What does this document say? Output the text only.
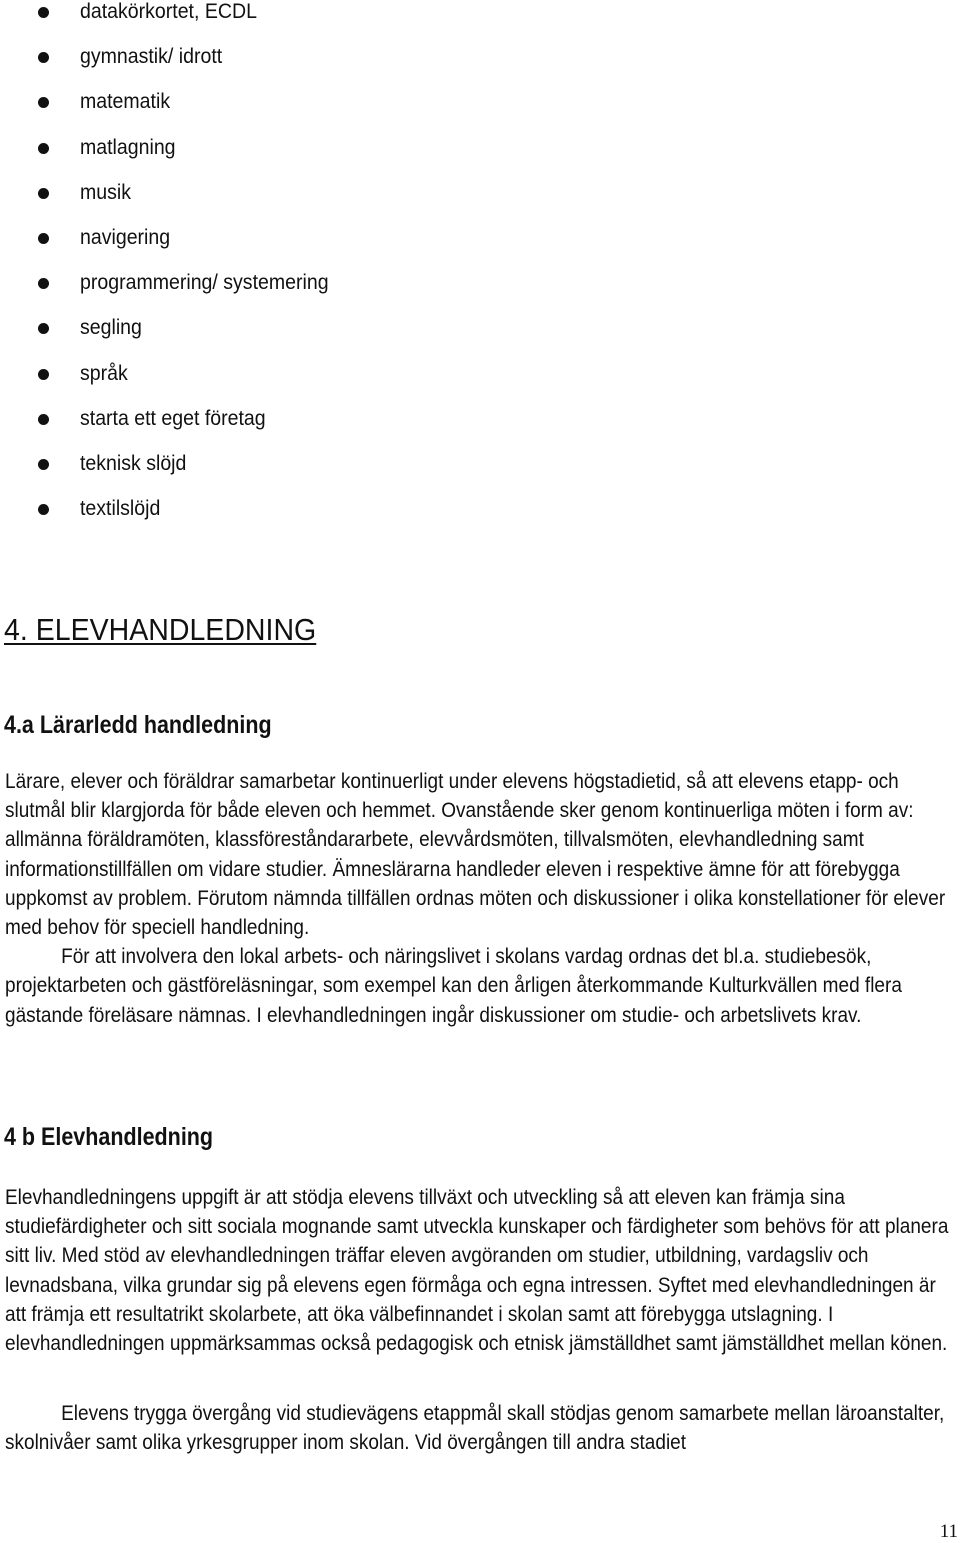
datakörkortet, ECDL
gymnastik/ idrott
matematik
matlagning
musik
navigering
programmering/ systemering
segling
språk
starta ett eget företag
teknisk slöjd
textilslöjd
4. ELEVHANDLEDNING
4.a Lärarledd handledning

Lärare, elever och föräldrar samarbetar kontinuerligt under elevens högstadietid, så att elevens etapp- och slutmål blir klargjorda för både eleven och hemmet. Ovanstående sker genom kontinuerliga möten i form av: allmänna föräldramöten, klassföreståndararbete, elevvårdsmöten, tillvalsmöten, elevhandledning samt informationstillfällen om vidare studier. Ämneslärarna handleder eleven i respektive ämne för att förebygga uppkomst av problem. Förutom nämnda tillfällen ordnas möten och diskussioner i olika konstellationer för elever med behov för speciell handledning.
För att involvera den lokal arbets- och näringslivet i skolans vardag ordnas det bl.a. studiebesök, projektarbeten och gästföreläsningar, som exempel kan den årligen återkommande Kulturkvällen med flera gästande föreläsare nämnas. I elevhandledningen ingår diskussioner om studie- och arbetslivets krav.

4 b Elevhandledning

Elevhandledningens uppgift är att stödja elevens tillväxt och utveckling så att eleven kan främja sina studiefärdigheter och sitt sociala mognande samt utveckla kunskaper och färdigheter som behövs för att planera sitt liv. Med stöd av elevhandledningen träffar eleven avgöranden om studier, utbildning, vardagsliv och levnadsbana, vilka grundar sig på elevens egen förmåga och egna intressen. Syftet med elevhandledningen är att främja ett resultatrikt skolarbete, att öka välbefinnandet i skolan samt att förebygga utslagning. I elevhandledningen uppmärksammas också pedagogisk och etnisk jämställdhet samt jämställdhet mellan könen.

Elevens trygga övergång vid studievägens etappmål skall stödjas genom samarbete mellan läroanstalter, skolnivåer samt olika yrkesgrupper inom skolan. Vid övergången till andra stadiet

11
